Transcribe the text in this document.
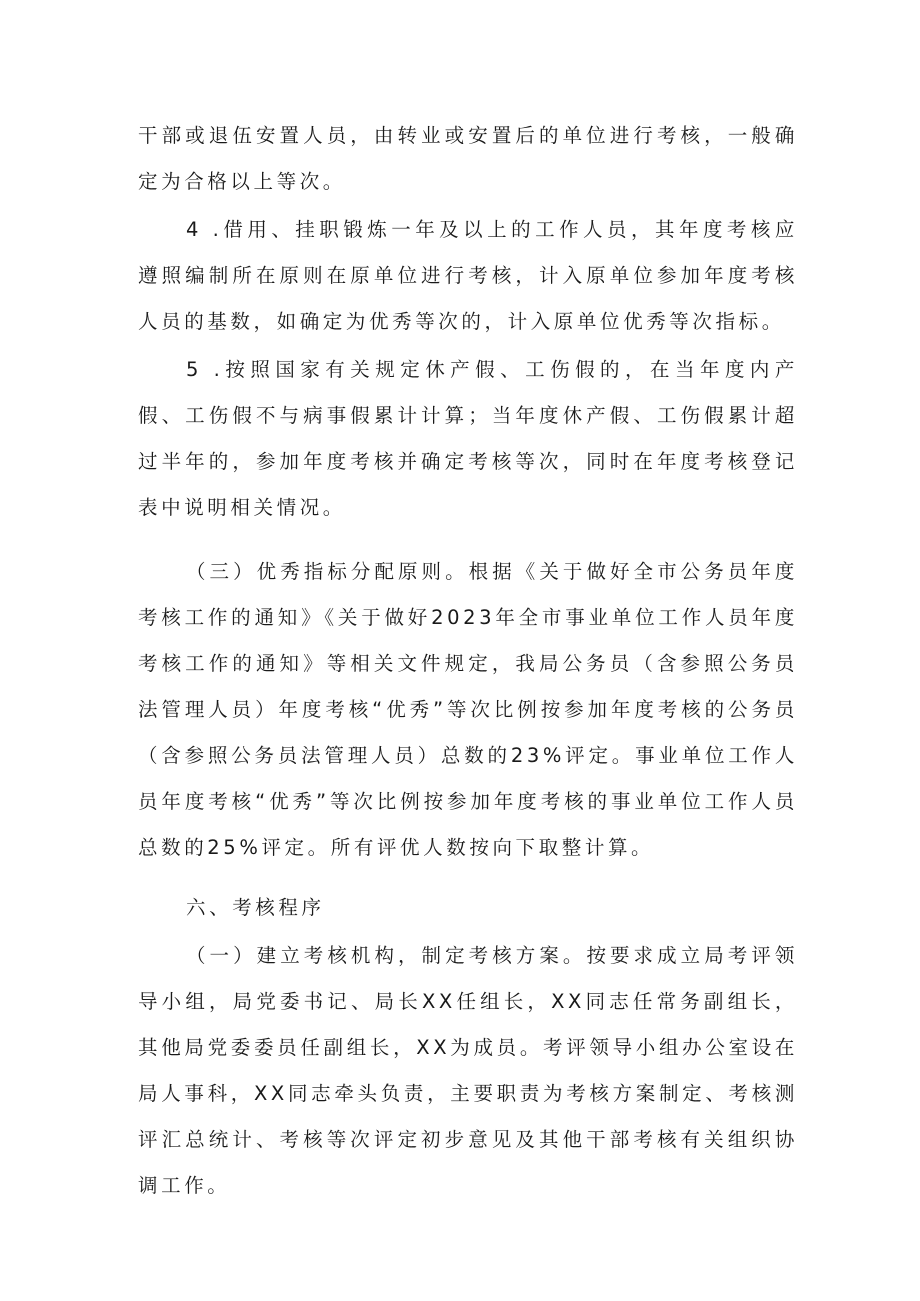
干部或退伍安置人员，由转业或安置后的单位进行考核，一般确定为合格以上等次。

4 .借用、挂职锻炼一年及以上的工作人员，其年度考核应遵照编制所在原则在原单位进行考核，计入原单位参加年度考核人员的基数，如确定为优秀等次的，计入原单位优秀等次指标。

5 .按照国家有关规定休产假、工伤假的，在当年度内产假、工伤假不与病事假累计计算；当年度休产假、工伤假累计超过半年的，参加年度考核并确定考核等次，同时在年度考核登记表中说明相关情况。

（三）优秀指标分配原则。根据《关于做好全市公务员年度考核工作的通知》《关于做好2023年全市事业单位工作人员年度考核工作的通知》等相关文件规定，我局公务员（含参照公务员法管理人员）年度考核“优秀”等次比例按参加年度考核的公务员（含参照公务员法管理人员）总数的23%评定。事业单位工作人员年度考核“优秀”等次比例按参加年度考核的事业单位工作人员总数的25%评定。所有评优人数按向下取整计算。

六、考核程序

（一）建立考核机构，制定考核方案。按要求成立局考评领导小组，局党委书记、局长XX任组长，XX同志任常务副组长，其他局党委委员任副组长，XX为成员。考评领导小组办公室设在局人事科，XX同志牵头负责，主要职责为考核方案制定、考核测评汇总统计、考核等次评定初步意见及其他干部考核有关组织协调工作。
